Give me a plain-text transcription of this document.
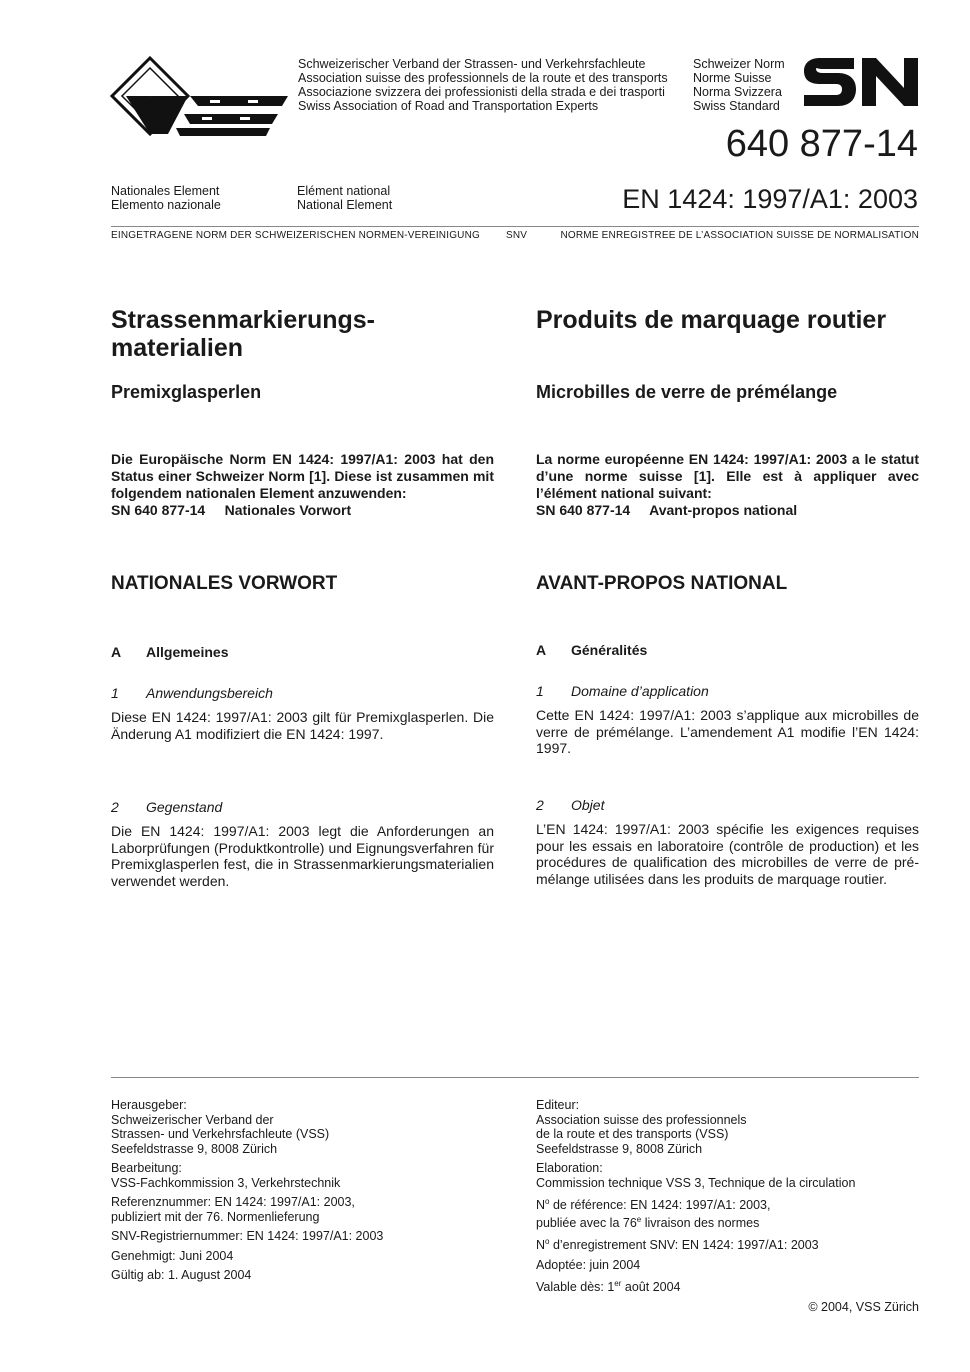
Schweizerischer Verband der Strassen- und Verkehrsfachleute
Association suisse des professionnels de la route et des transports
Associazione svizzera dei professionisti della strada e dei trasporti
Swiss Association of Road and Transportation Experts
Schweizer Norm
Norme Suisse
Norma Svizzera
Swiss Standard
640 877-14
Nationales Element
Elemento nazionale
Elément national
National Element	EN 1424: 1997/A1: 2003
EINGETRAGENE NORM DER SCHWEIZERISCHEN NORMEN-VEREINIGUNG	SNV	NORME ENREGISTREE DE L’ASSOCIATION SUISSE DE NORMALISATION
Strassenmarkierungs-
materialien
Premixglasperlen
Die Europäische Norm EN 1424: 1997/A1: 2003 hat den Status einer Schweizer Norm [1]. Diese ist zusammen mit folgendem nationalen Element anzuwenden:
SN 640 877-14     Nationales Vorwort
NATIONALES VORWORT
A Allgemeines
1 Anwendungsbereich
Diese EN 1424: 1997/A1: 2003 gilt für Premixglasperlen. Die Änderung A1 modifiziert die EN 1424: 1997.
2 Gegenstand
Die EN 1424: 1997/A1: 2003 legt die Anforderungen an Laborprüfungen (Produktkontrolle) und Eignungsverfahren für Premixglasperlen fest, die in Strassenmarkierungsmaterialien verwendet werden.
Produits de marquage routier
Microbilles de verre de prémélange
La norme européenne EN 1424: 1997/A1: 2003 a le statut d’une norme suisse [1]. Elle est à appliquer avec l’élément national suivant:
SN 640 877-14     Avant-propos national
AVANT-PROPOS NATIONAL
A Généralités
1 Domaine d’application
Cette EN 1424: 1997/A1: 2003 s’applique aux microbilles de verre de prémélange. L’amendement A1 modifie l’EN 1424: 1997.
2 Objet
L’EN 1424: 1997/A1: 2003 spécifie les exigences requises pour les essais en laboratoire (contrôle de production) et les procédures de qualification des microbilles de verre de prémélange utilisées dans les produits de marquage routier.

Herausgeber:
Schweizerischer Verband der
Strassen- und Verkehrsfachleute (VSS)
Seefeldstrasse 9, 8008 Zürich

Bearbeitung:
VSS-Fachkommission 3, Verkehrstechnik

Referenznummer: EN 1424: 1997/A1: 2003,
publiziert mit der 76. Normenlieferung

SNV-Registriernummer: EN 1424: 1997/A1: 2003

Genehmigt: Juni 2004

Gültig ab: 1. August 2004

Editeur:
Association suisse des professionnels
de la route et des transports (VSS)
Seefeldstrasse 9, 8008 Zürich

Elaboration:
Commission technique VSS 3, Technique de la circulation

$N^o$ de référence: EN 1424: 1997/A1: 2003,
publiée avec la 76e livraison des normes

$N^o$ d’enregistrement SNV: EN 1424: 1997/A1: 2003

Adoptée: juin 2004

Valable dès: 1er août 2004

© 2004, VSS Zürich
